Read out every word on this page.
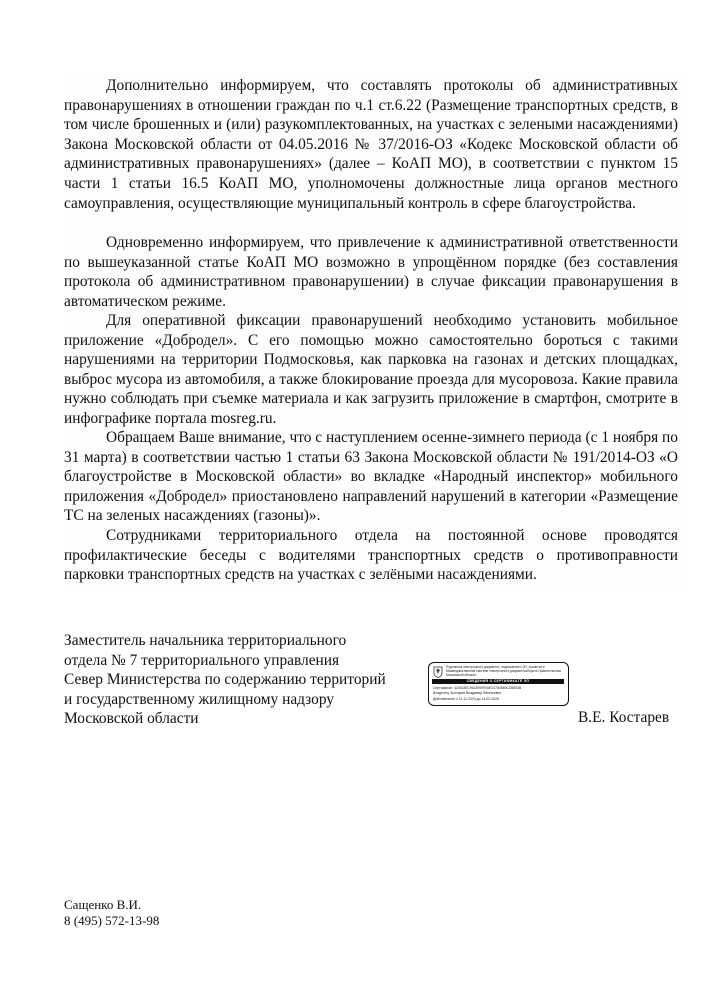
Дополнительно информируем, что составлять протоколы об административных правонарушениях в отношении граждан по ч.1 ст.6.22 (Размещение транспортных средств, в том числе брошенных и (или) разукомплектованных, на участках с зелеными насаждениями) Закона Московской области от 04.05.2016 № 37/2016-ОЗ «Кодекс Московской области об административных правонарушениях» (далее – КоАП МО), в соответствии с пунктом 15 части 1 статьи 16.5 КоАП МО, уполномочены должностные лица органов местного самоуправления, осуществляющие муниципальный контроль в сфере благоустройства.

Одновременно информируем, что привлечение к административной ответственности по вышеуказанной статье КоАП МО возможно в упрощённом порядке (без составления протокола об административном правонарушении) в случае фиксации правонарушения в автоматическом режиме.

Для оперативной фиксации правонарушений необходимо установить мобильное приложение «Добродел». С его помощью можно самостоятельно бороться с такими нарушениями на территории Подмосковья, как парковка на газонах и детских площадках, выброс мусора из автомобиля, а также блокирование проезда для мусоровоза. Какие правила нужно соблюдать при съемке материала и как загрузить приложение в смартфон, смотрите в инфографике портала mosreg.ru.

Обращаем Ваше внимание, что с наступлением осенне-зимнего периода (с 1 ноября по 31 марта) в соответствии частью 1 статьи 63 Закона Московской области № 191/2014-ОЗ «О благоустройстве в Московской области» во вкладке «Народный инспектор» мобильного приложения «Добродел» приостановлено направлений нарушений в категории «Размещение ТС на зеленых насаждениях (газоны)».

Сотрудниками территориального отдела на постоянной основе проводятся профилактические беседы с водителями транспортных средств о противоправности парковки транспортных средств на участках с зелёными насаждениями.

Заместитель начальника территориального
отдела № 7 территориального управления
Север Министерства по содержанию территорий
и государственному жилищному надзору
Московской области
Подлинник электронного документа, подписанного ЭП, хранится в Межведомственной системе электронного документооборота Правительства Московской области
СВЕДЕНИЯ О СЕРТИФИКАТЕ ЭП
Сертификат: 4240180C9613950904EC4784565CD5834B
Владелец: Костарев Владимир Евгеньевич
Действителен с 21-11-2024 до 14-02-2026
В.Е. Костарев
Сащенко В.И.
8 (495) 572-13-98
